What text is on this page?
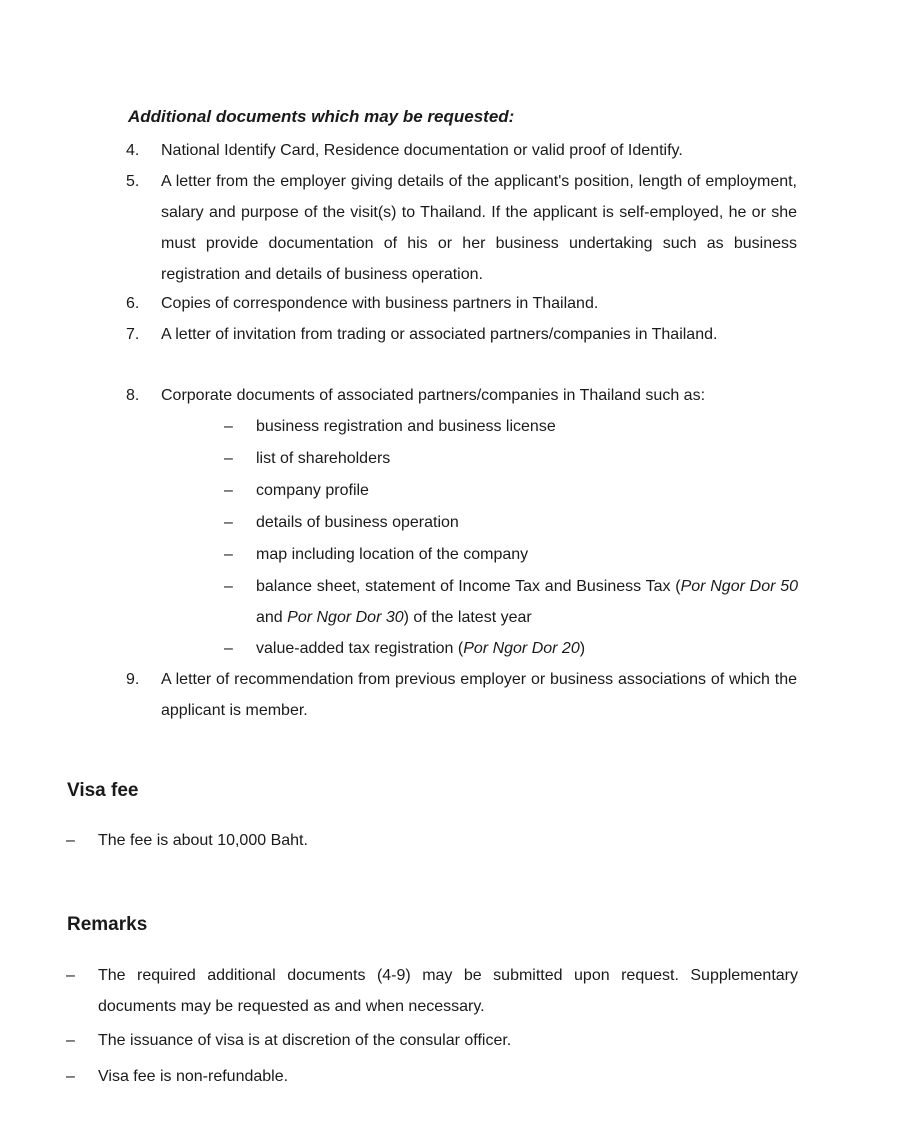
Additional documents which may be requested:

4.	National Identify Card, Residence documentation or valid proof of Identify.
5.	A letter from the employer giving details of the applicant's position, length of employment, salary and purpose of the visit(s) to Thailand. If the applicant is self-employed, he or she must provide documentation of his or her business undertaking such as business registration and details of business operation.
6.	Copies of correspondence with business partners in Thailand.
7.	A letter of invitation from trading or associated partners/companies in Thailand.
8.	Corporate documents of associated partners/companies in Thailand such as:
– business registration and business license
– list of shareholders
– company profile
– details of business operation
– map including location of the company
– balance sheet, statement of Income Tax and Business Tax (Por Ngor Dor 50 and Por Ngor Dor 30) of the latest year
– value-added tax registration (Por Ngor Dor 20)
9.	A letter of recommendation from previous employer or business associations of which the applicant is member.
Visa fee
– The fee is about 10,000 Baht.
Remarks
– The required additional documents (4-9) may be submitted upon request. Supplementary documents may be requested as and when necessary.
– The issuance of visa is at discretion of the consular officer.
– Visa fee is non-refundable.
